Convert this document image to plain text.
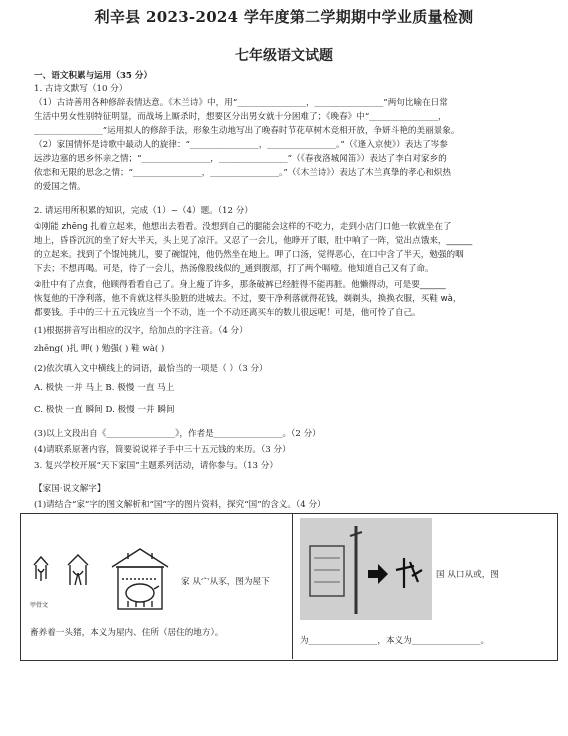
利辛县 2023-2024 学年度第二学期期中学业质量检测
七年级语文试题
一、语文积累与运用（35 分）
1. 古诗文默写（10 分）
（1）古诗善用各种修辞表情达意。《木兰诗》中，用“________________，________________”两句比喻在日常
生活中男女性别特征明显，而战场上厮杀时，想要区分出男女就十分困难了；《晚春》中“________________，
________________”运用拟人的修辞手法，形象生动地写出了晚春时节花草树木竞相开放，争妍斗艳的美丽景象。
（2）家国情怀是诗歌中最动人的旋律：“________________，________________。”（《逢入京使》）表达了岑参
远涉边塞的思乡怀亲之情；“________________，________________”（《春夜洛城闻笛》）表达了李白对家乡的
依恋和无限的思念之情；“________________，________________。”（《木兰诗》）表达了木兰真挚的孝心和炽热
的爱国之情。
2. 请运用所积累的知识，完成（1）~（4）题。（12 分）
①刚能 zhēng 扎着立起来，他想出去看看。没想到自己的腿能会这样的不吃力，走到小店门口他一软就坐在了
地上，昏昏沉沉的坐了好大半天，头上见了凉汗。又忍了一会儿，他睁开了眼，肚中响了一阵，觉出点饿来，______
的立起来。找到了个馄饨挑儿，要了碗馄饨，他仍然坐在地上。呷了口汤，觉得恶心，在口中含了半天，勉强的咽
下去；不想再喝。可是，待了一会儿，热汤像股线似的_通到腹部，打了两个嗝噎。他知道自己又有了命。
②肚中有了点食，他顾得看看自己了。身上瘦了许多，那条破裤已经脏得不能再脏。他懒得动，可是要______
恢复他的干净利落，他不肯就这样头脸脏的进城去。不过，要干净利落就得花钱，剃剃头，换换衣服，买鞋 wà，
都要钱。手中的三十五元钱应当一个不动，连一个不动还离买车的数儿很远呢！可是，他可怜了自己。
(1)根据拼音写出相应的汉字，给加点的字注音。（4 分）
zhēng( )扎 呷( ) 勉强( ) 鞋 wà( )
(2)依次填入文中横线上的词语，最恰当的一项是（ ）（3 分）
A. 极快 一并 马上 B. 极慢 一直 马上
C. 极快 一直 瞬间 D. 极慢 一并 瞬间
(3)以上文段出自《________________》，作者是________________。（2 分）
(4)请联系原著内容，简要说说祥子手中三十五元钱的来历。（3 分）
3. 复兴学校开展“天下家国”主题系列活动，请你参与。（13 分）
【家国·说文解字】
(1)请结合“家”字的图文解析和“国”字的图片资料，探究“国”的含义。（4 分）
甲骨文
家 从宀从豕，图为屋下
畜养着一头猪，本义为屋内、住所（居住的地方）。
国 从口从或，图
为________________，本义为________________。
